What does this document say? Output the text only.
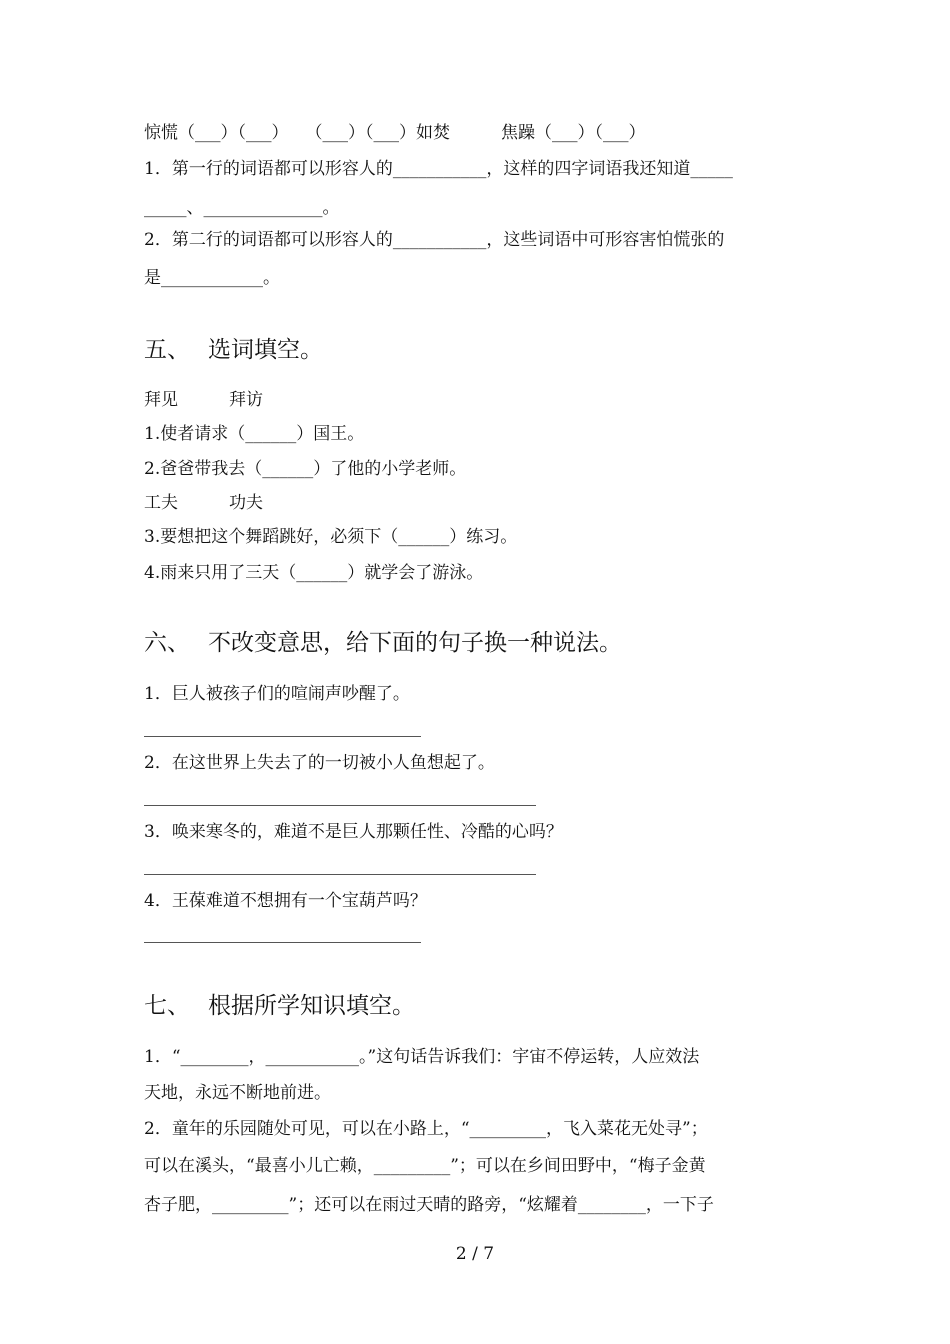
惊慌（___）（___）　　（___）（___）如焚　　　焦躁（___）（___）
1．第一行的词语都可以形容人的___________，这样的四字词语我还知道_____
_____、______________。
2．第二行的词语都可以形容人的___________，这些词语中可形容害怕慌张的
是____________。
五、 选词填空。
拜见　　　拜访
1.使者请求（______）国王。
2.爸爸带我去（______）了他的小学老师。
工夫　　　功夫
3.要想把这个舞蹈跳好，必须下（______）练习。
4.雨来只用了三天（______）就学会了游泳。
六、 不改变意思，给下面的句子换一种说法。
1．巨人被孩子们的喧闹声吵醒了。
2．在这世界上失去了的一切被小人鱼想起了。
3．唤来寒冬的，难道不是巨人那颗任性、冷酷的心吗？
4．王葆难道不想拥有一个宝葫芦吗？
七、 根据所学知识填空。
1．“________，___________。”这句话告诉我们：宇宙不停运转，人应效法
天地，永远不断地前进。
2．童年的乐园随处可见，可以在小路上，“_________，飞入菜花无处寻”；
可以在溪头，“最喜小儿亡赖，_________”；可以在乡间田野中，“梅子金黄
杏子肥，_________”；还可以在雨过天晴的路旁，“炫耀着________，一下子
2 / 7
